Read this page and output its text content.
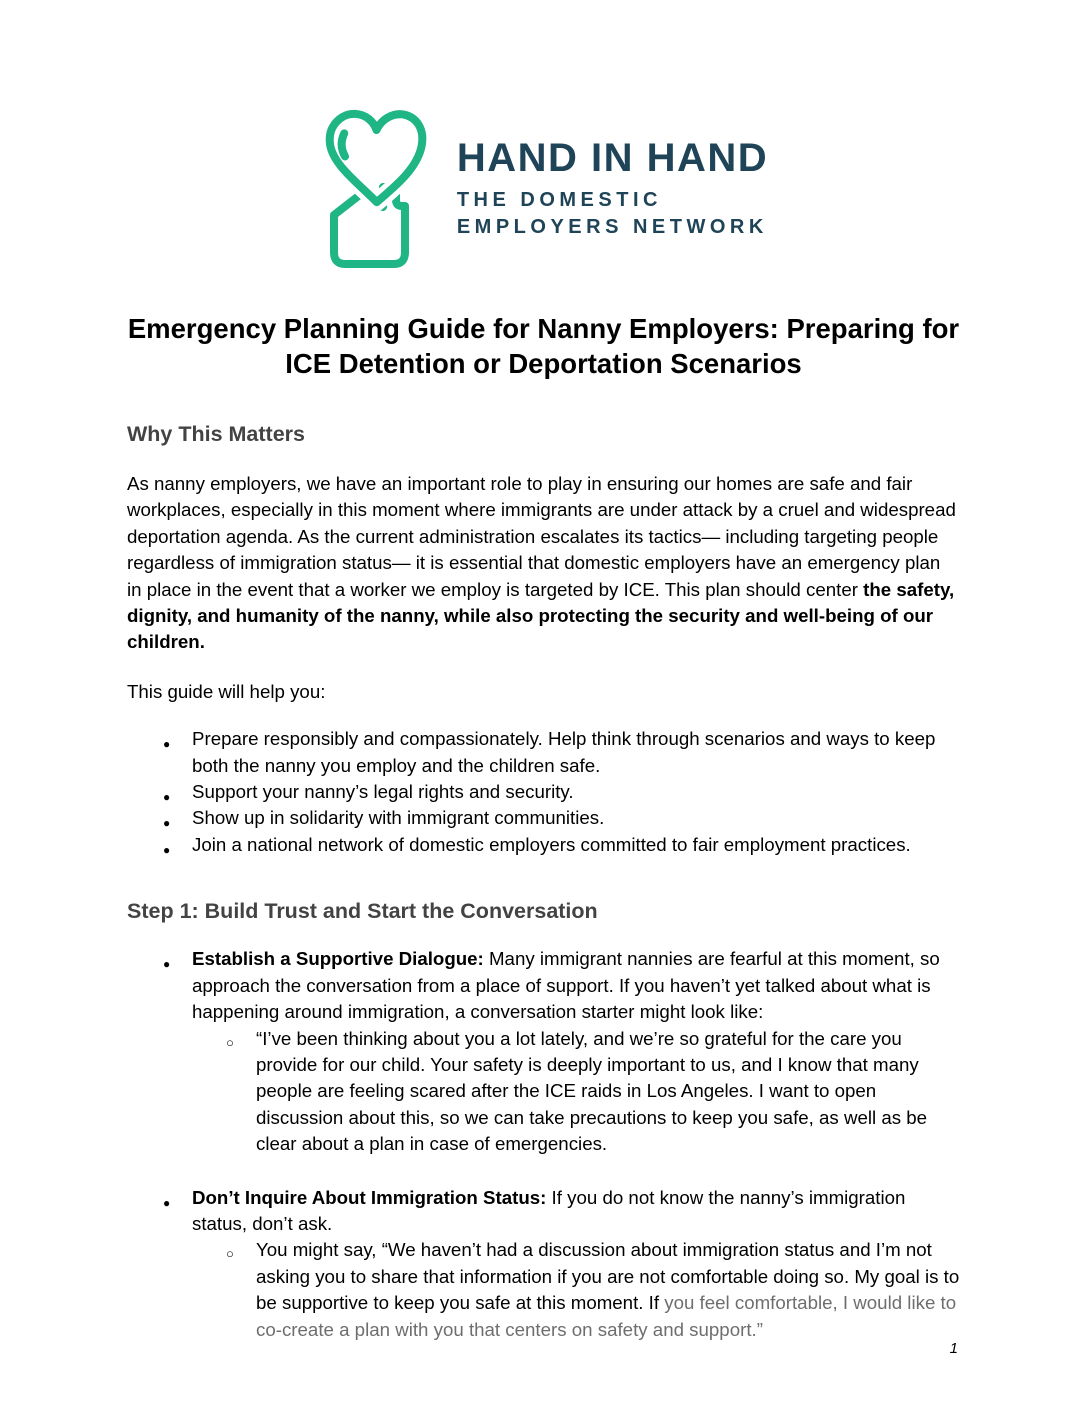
HAND IN HAND
THE DOMESTIC
EMPLOYERS NETWORK
Emergency Planning Guide for Nanny Employers: Preparing for ICE Detention or Deportation Scenarios
Why This Matters

As nanny employers, we have an important role to play in ensuring our homes are safe and fair workplaces, especially in this moment where immigrants are under attack by a cruel and widespread deportation agenda. As the current administration escalates its tactics— including targeting people regardless of immigration status— it is essential that domestic employers have an emergency plan in place in the event that a worker we employ is targeted by ICE. This plan should center the safety, dignity, and humanity of the nanny, while also protecting the security and well-being of our children.

This guide will help you:

● Prepare responsibly and compassionately. Help think through scenarios and ways to keep both the nanny you employ and the children safe.
● Support your nanny’s legal rights and security.
● Show up in solidarity with immigrant communities.
● Join a national network of domestic employers committed to fair employment practices.
Step 1: Build Trust and Start the Conversation
● Establish a Supportive Dialogue: Many immigrant nannies are fearful at this moment, so approach the conversation from a place of support. If you haven’t yet talked about what is happening around immigration, a conversation starter might look like:
○ “I’ve been thinking about you a lot lately, and we’re so grateful for the care you provide for our child. Your safety is deeply important to us, and I know that many people are feeling scared after the ICE raids in Los Angeles. I want to open discussion about this, so we can take precautions to keep you safe, as well as be clear about a plan in case of emergencies.
● Don’t Inquire About Immigration Status: If you do not know the nanny’s immigration status, don’t ask.
○ You might say, “We haven’t had a discussion about immigration status and I’m not asking you to share that information if you are not comfortable doing so. My goal is to be supportive to keep you safe at this moment. If you feel comfortable, I would like to co-create a plan with you that centers on safety and support.”
1
